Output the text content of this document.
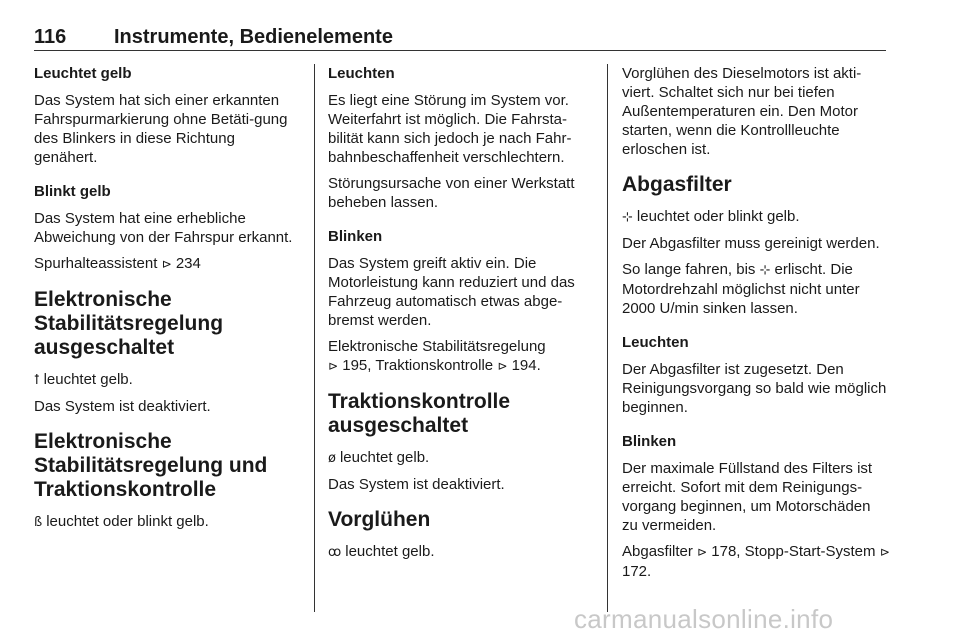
116 Instrumente, Bedienelemente
Leuchtet gelb

Das System hat sich einer erkannten Fahrspurmarkierung ohne Betäti-gung des Blinkers in diese Richtung genähert.

Blinkt gelb

Das System hat eine erhebliche Abweichung von der Fahrspur erkannt.

Spurhalteassistent ⊳ 234

Elektronische Stabilitätsregelung ausgeschaltet

ꝉ leuchtet gelb.

Das System ist deaktiviert.

Elektronische Stabilitätsregelung und Traktionskontrolle

ß leuchtet oder blinkt gelb.

Leuchten

Es liegt eine Störung im System vor. Weiterfahrt ist möglich. Die Fahrsta-bilität kann sich jedoch je nach Fahr-bahnbeschaffenheit verschlechtern.

Störungsursache von einer Werkstatt beheben lassen.

Blinken

Das System greift aktiv ein. Die Motorleistung kann reduziert und das Fahrzeug automatisch etwas abge-bremst werden.

Elektronische Stabilitätsregelung
⊳ 195, Traktionskontrolle ⊳ 194.

Traktionskontrolle ausgeschaltet

ø leuchtet gelb.

Das System ist deaktiviert.

Vorglühen

ꝏ leuchtet gelb.

Vorglühen des Dieselmotors ist akti-viert. Schaltet sich nur bei tiefen Außentemperaturen ein. Den Motor starten, wenn die Kontrollleuchte erloschen ist.

Abgasfilter

⊹ leuchtet oder blinkt gelb.

Der Abgasfilter muss gereinigt werden.

So lange fahren, bis ⊹ erlischt. Die Motordrehzahl möglichst nicht unter 2000 U/min sinken lassen.

Leuchten

Der Abgasfilter ist zugesetzt. Den Reinigungsvorgang so bald wie möglich beginnen.

Blinken

Der maximale Füllstand des Filters ist erreicht. Sofort mit dem Reinigungs-vorgang beginnen, um Motorschäden zu vermeiden.

Abgasfilter ⊳ 178, Stopp-Start-System ⊳ 172.

carmanualsonline.info
